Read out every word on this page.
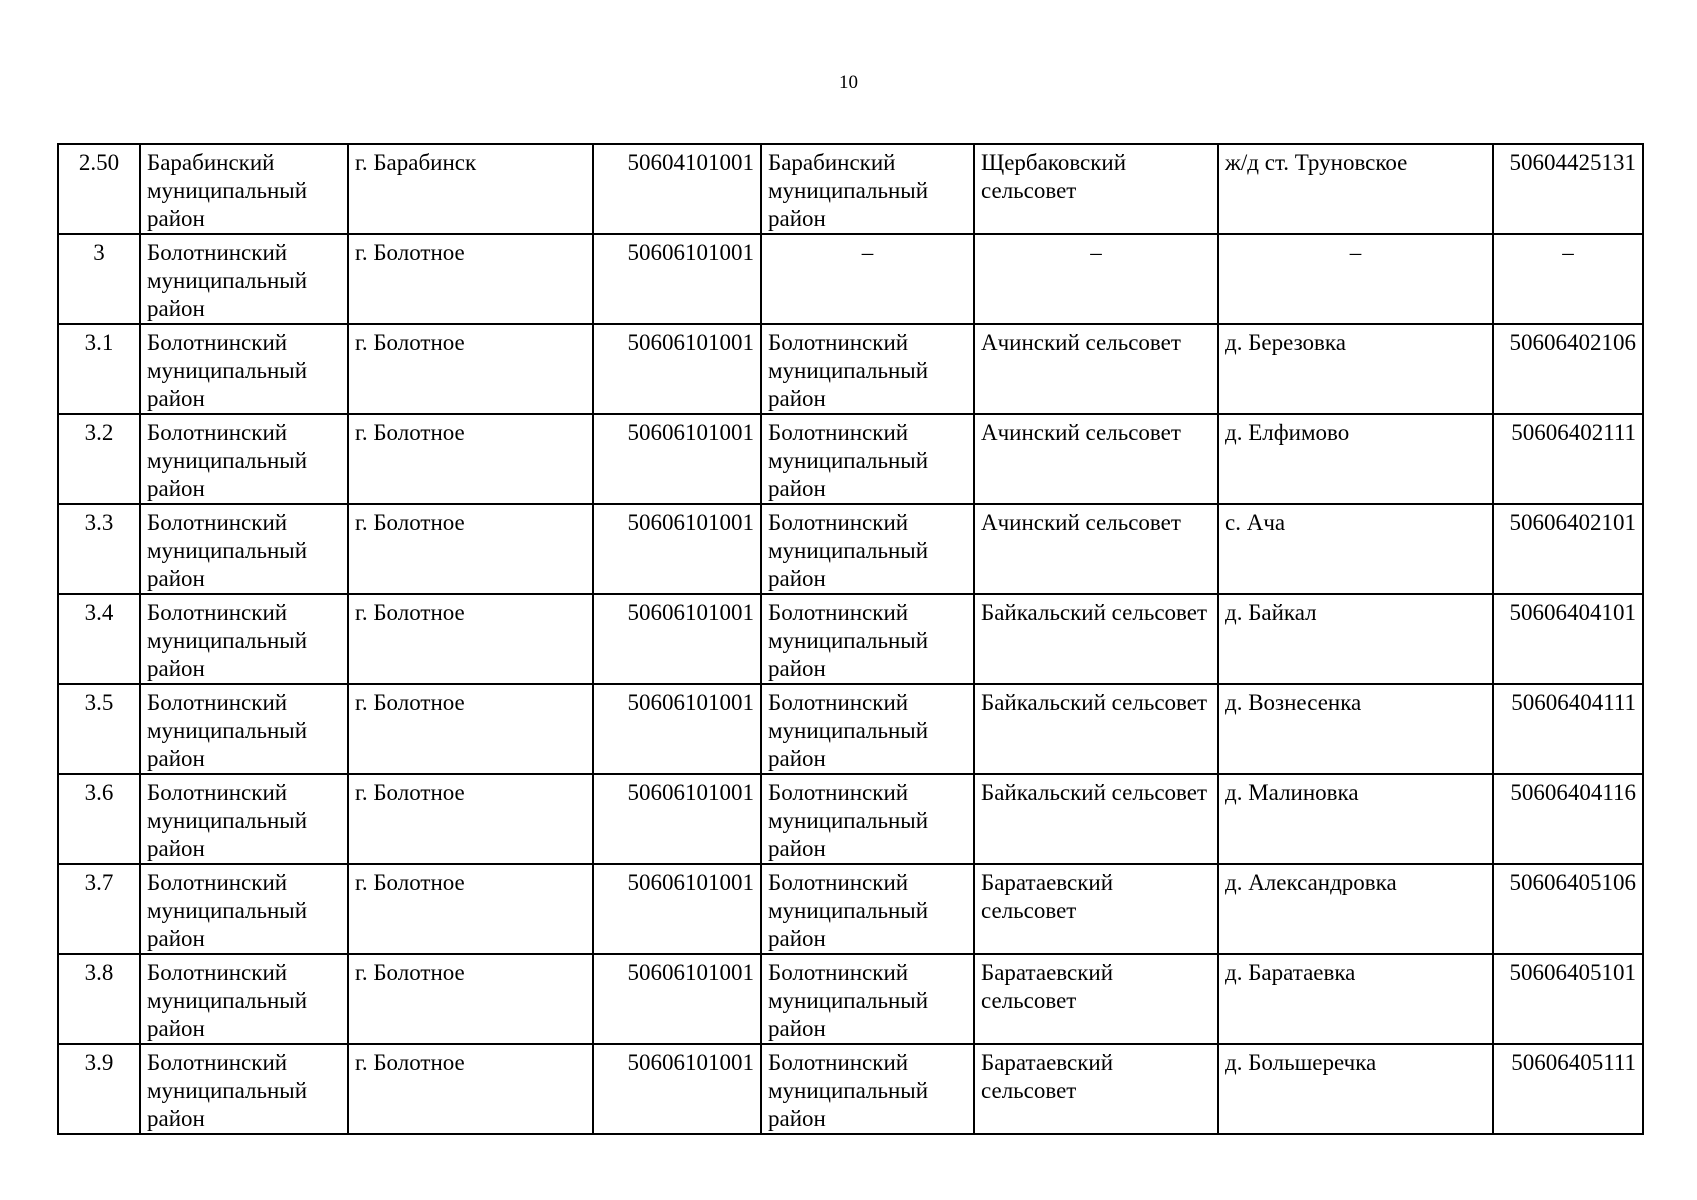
10
2.50	Барабинский муниципальный район	г. Барабинск	50604101001	Барабинский муниципальный район	Щербаковский сельсовет	ж/д ст. Труновское	50604425131
3	Болотнинский муниципальный район	г. Болотное	50606101001	–	–	–	–
3.1	Болотнинский муниципальный район	г. Болотное	50606101001	Болотнинский муниципальный район	Ачинский сельсовет	д. Березовка	50606402106
3.2	Болотнинский муниципальный район	г. Болотное	50606101001	Болотнинский муниципальный район	Ачинский сельсовет	д. Елфимово	50606402111
3.3	Болотнинский муниципальный район	г. Болотное	50606101001	Болотнинский муниципальный район	Ачинский сельсовет	с. Ача	50606402101
3.4	Болотнинский муниципальный район	г. Болотное	50606101001	Болотнинский муниципальный район	Байкальский сельсовет	д. Байкал	50606404101
3.5	Болотнинский муниципальный район	г. Болотное	50606101001	Болотнинский муниципальный район	Байкальский сельсовет	д. Вознесенка	50606404111
3.6	Болотнинский муниципальный район	г. Болотное	50606101001	Болотнинский муниципальный район	Байкальский сельсовет	д. Малиновка	50606404116
3.7	Болотнинский муниципальный район	г. Болотное	50606101001	Болотнинский муниципальный район	Баратаевский сельсовет	д. Александровка	50606405106
3.8	Болотнинский муниципальный район	г. Болотное	50606101001	Болотнинский муниципальный район	Баратаевский сельсовет	д. Баратаевка	50606405101
3.9	Болотнинский муниципальный район	г. Болотное	50606101001	Болотнинский муниципальный район	Баратаевский сельсовет	д. Большеречка	50606405111
